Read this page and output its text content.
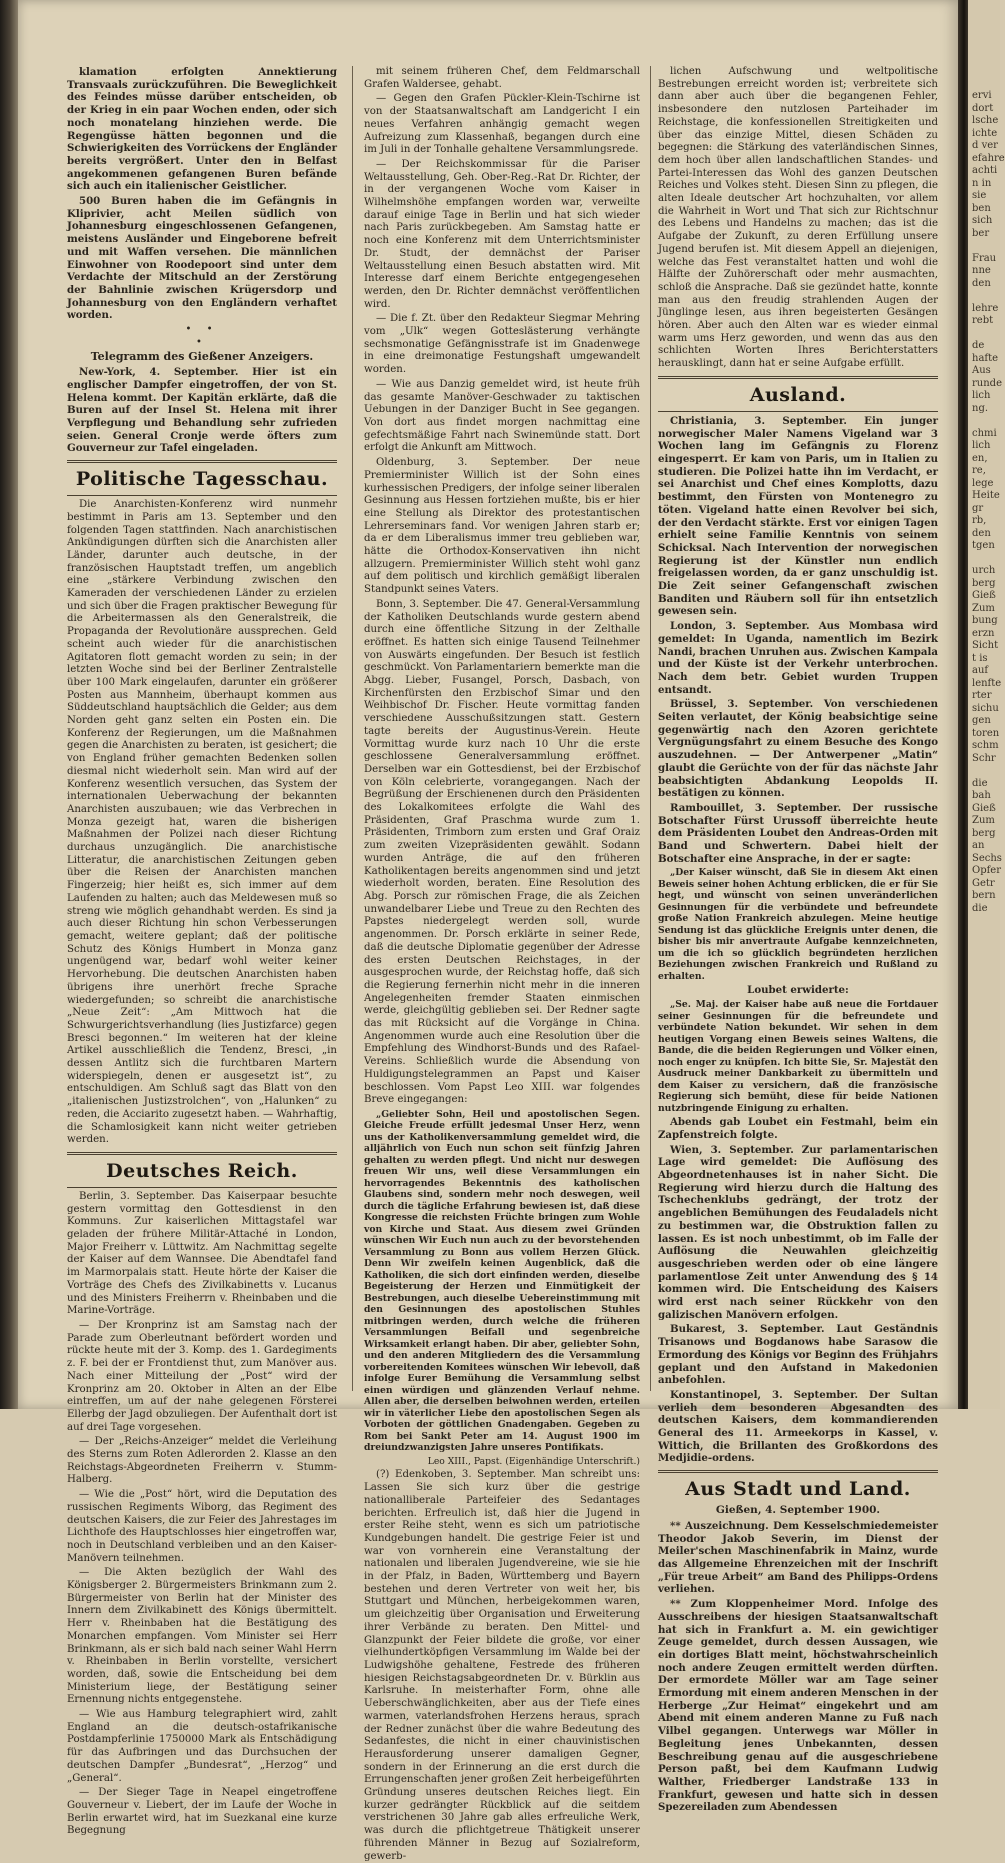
klamation erfolgten Annektierung Transvaals zurückzuführen. Die Beweglichkeit des Feindes müsse darüber entscheiden, ob der Krieg in ein paar Wochen enden, oder sich noch monatelang hinziehen werde. Die Regengüsse hätten begonnen und die Schwierigkeiten des Vorrückens der Engländer bereits vergrößert. Unter den in Belfast angekommenen gefangenen Buren befände sich auch ein italienischer Geistlicher.

500 Buren haben die im Gefängnis in Kliprivier, acht Meilen südlich von Johannesburg eingeschlossenen Gefangenen, meistens Ausländer und Eingeborene befreit und mit Waffen versehen. Die männlichen Einwohner von Roodepoort sind unter dem Verdachte der Mitschuld an der Zerstörung der Bahnlinie zwischen Krügersdorp und Johannesburg von den Engländern verhaftet worden.

• •
•
Telegramm des Gießener Anzeigers.

New-York, 4. September. Hier ist ein englischer Dampfer eingetroffen, der von St. Helena kommt. Der Kapitän erklärte, daß die Buren auf der Insel St. Helena mit ihrer Verpflegung und Behandlung sehr zufrieden seien. General Cronje werde öfters zum Gouverneur zur Tafel eingeladen.

Politische Tagesschau.

Die Anarchisten-Konferenz wird nunmehr bestimmt in Paris am 13. September und den folgenden Tagen stattfinden. Nach anarchistischen Ankündigungen dürften sich die Anarchisten aller Länder, darunter auch deutsche, in der französischen Hauptstadt treffen, um angeblich eine „stärkere Verbindung zwischen den Kameraden der verschiedenen Länder zu erzielen und sich über die Fragen praktischer Bewegung für die Arbeitermassen als den Generalstreik, die Propaganda der Revolutionäre aussprechen. Geld scheint auch wieder für die anarchistischen Agitatoren flott gemacht worden zu sein; in der letzten Woche sind bei der Berliner Zentralstelle über 100 Mark eingelaufen, darunter ein größerer Posten aus Mannheim, überhaupt kommen aus Süddeutschland hauptsächlich die Gelder; aus dem Norden geht ganz selten ein Posten ein. Die Konferenz der Regierungen, um die Maßnahmen gegen die Anarchisten zu beraten, ist gesichert; die von England früher gemachten Bedenken sollen diesmal nicht wiederholt sein. Man wird auf der Konferenz wesentlich versuchen, das System der internationalen Ueberwachung der bekannten Anarchisten auszubauen; wie das Verbrechen in Monza gezeigt hat, waren die bisherigen Maßnahmen der Polizei nach dieser Richtung durchaus unzugänglich. Die anarchistische Litteratur, die anarchistischen Zeitungen geben über die Reisen der Anarchisten manchen Fingerzeig; hier heißt es, sich immer auf dem Laufenden zu halten; auch das Meldewesen muß so streng wie möglich gehandhabt werden. Es sind ja auch dieser Richtung hin schon Verbesserungen gemacht, weitere geplant; daß der politische Schutz des Königs Humbert in Monza ganz ungenügend war, bedarf wohl weiter keiner Hervorhebung. Die deutschen Anarchisten haben übrigens ihre unerhört freche Sprache wiedergefunden; so schreibt die anarchistische „Neue Zeit“: „Am Mittwoch hat die Schwurgerichtsverhandlung (lies Justizfarce) gegen Bresci begonnen.“ Im weiteren hat der kleine Artikel ausschließlich die Tendenz, Bresci, „in dessen Antlitz sich die furchtbaren Martern widerspiegeln, denen er ausgesetzt ist“, zu entschuldigen. Am Schluß sagt das Blatt von den „italienischen Justizstrolchen“, von „Halunken“ zu reden, die Acciarito zugesetzt haben. — Wahrhaftig, die Schamlosigkeit kann nicht weiter getrieben werden.

Deutsches Reich.

Berlin, 3. September. Das Kaiserpaar besuchte gestern vormittag den Gottesdienst in den Kommuns. Zur kaiserlichen Mittagstafel war geladen der frühere Militär-Attaché in London, Major Freiherr v. Lüttwitz. Am Nachmittag segelte der Kaiser auf dem Wannsee. Die Abendtafel fand im Marmorpalais statt. Heute hörte der Kaiser die Vorträge des Chefs des Zivilkabinetts v. Lucanus und des Ministers Freiherrn v. Rheinbaben und die Marine-Vorträge.

— Der Kronprinz ist am Samstag nach der Parade zum Oberleutnant befördert worden und rückte heute mit der 3. Komp. des 1. Gardegiments z. F. bei der er Frontdienst thut, zum Manöver aus. Nach einer Mitteilung der „Post“ wird der Kronprinz am 20. Oktober in Alten an der Elbe eintreffen, um auf der nahe gelegenen Försterei Ellerbg der Jagd obzuliegen. Der Aufenthalt dort ist auf drei Tage vorgesehen.

— Der „Reichs-Anzeiger“ meldet die Verleihung des Sterns zum Roten Adlerorden 2. Klasse an den Reichstags-Abgeordneten Freiherrn v. Stumm-Halberg.

— Wie die „Post“ hört, wird die Deputation des russischen Regiments Wiborg, das Regiment des deutschen Kaisers, die zur Feier des Jahrestages im Lichthofe des Hauptschlosses hier eingetroffen war, noch in Deutschland verbleiben und an den Kaiser-Manövern teilnehmen.

— Die Akten bezüglich der Wahl des Königsberger 2. Bürgermeisters Brinkmann zum 2. Bürgermeister von Berlin hat der Minister des Innern dem Zivilkabinett des Königs übermittelt. Herr v. Rheinbaben hat die Bestätigung des Monarchen empfangen. Vom Minister sei Herr Brinkmann, als er sich bald nach seiner Wahl Herrn v. Rheinbaben in Berlin vorstellte, versichert worden, daß, sowie die Entscheidung bei dem Ministerium liege, der Bestätigung seiner Ernennung nichts entgegenstehe.

— Wie aus Hamburg telegraphiert wird, zahlt England an die deutsch-ostafrikanische Postdampferlinie 1750000 Mark als Entschädigung für das Aufbringen und das Durchsuchen der deutschen Dampfer „Bundesrat“, „Herzog“ und „General“.

— Der Sieger Tage in Neapel eingetroffene Gouverneur v. Liebert, der im Laufe der Woche in Berlin erwartet wird, hat im Suezkanal eine kurze Begegnung

mit seinem früheren Chef, dem Feldmarschall Grafen Waldersee, gehabt.

— Gegen den Grafen Pückler-Klein-Tschirne ist von der Staatsanwaltschaft am Landgericht I ein neues Verfahren anhängig gemacht wegen Aufreizung zum Klassenhaß, begangen durch eine im Juli in der Tonhalle gehaltene Versammlungsrede.

— Der Reichskommissar für die Pariser Weltausstellung, Geh. Ober-Reg.-Rat Dr. Richter, der in der vergangenen Woche vom Kaiser in Wilhelmshöhe empfangen worden war, verweilte darauf einige Tage in Berlin und hat sich wieder nach Paris zurückbegeben. Am Samstag hatte er noch eine Konferenz mit dem Unterrichtsminister Dr. Studt, der demnächst der Pariser Weltausstellung einen Besuch abstatten wird. Mit Interesse darf einem Berichte entgegengesehen werden, den Dr. Richter demnächst veröffentlichen wird.

— Die f. Zt. über den Redakteur Siegmar Mehring vom „Ulk“ wegen Gotteslästerung verhängte sechsmonatige Gefängnisstrafe ist im Gnadenwege in eine dreimonatige Festungshaft umgewandelt worden.

— Wie aus Danzig gemeldet wird, ist heute früh das gesamte Manöver-Geschwader zu taktischen Uebungen in der Danziger Bucht in See gegangen. Von dort aus findet morgen nachmittag eine gefechtsmäßige Fahrt nach Swinemünde statt. Dort erfolgt die Ankunft am Mittwoch.

Oldenburg, 3. September. Der neue Premierminister Willich ist der Sohn eines kurhessischen Predigers, der infolge seiner liberalen Gesinnung aus Hessen fortziehen mußte, bis er hier eine Stellung als Direktor des protestantischen Lehrerseminars fand. Vor wenigen Jahren starb er; da er dem Liberalismus immer treu geblieben war, hätte die Orthodox-Konservativen ihn nicht allzugern. Premierminister Willich steht wohl ganz auf dem politisch und kirchlich gemäßigt liberalen Standpunkt seines Vaters.

Bonn, 3. September. Die 47. General-Versammlung der Katholiken Deutschlands wurde gestern abend durch eine öffentliche Sitzung in der Zelthalle eröffnet. Es hatten sich einige Tausend Teilnehmer von Auswärts eingefunden. Der Besuch ist festlich geschmückt. Von Parlamentariern bemerkte man die Abgg. Lieber, Fusangel, Porsch, Dasbach, von Kirchenfürsten den Erzbischof Simar und den Weihbischof Dr. Fischer. Heute vormittag fanden verschiedene Ausschußsitzungen statt. Gestern tagte bereits der Augustinus-Verein. Heute Vormittag wurde kurz nach 10 Uhr die erste geschlossene Generalversammlung eröffnet. Derselben war ein Gottesdienst, bei der Erzbischof von Köln celebrierte, vorangegangen. Nach der Begrüßung der Erschienenen durch den Präsidenten des Lokalkomitees erfolgte die Wahl des Präsidenten, Graf Praschma wurde zum 1. Präsidenten, Trimborn zum ersten und Graf Oraiz zum zweiten Vizepräsidenten gewählt. Sodann wurden Anträge, die auf den früheren Katholikentagen bereits angenommen sind und jetzt wiederholt worden, beraten. Eine Resolution des Abg. Porsch zur römischen Frage, die als Zeichen unwandelbarer Liebe und Treue zu den Rechten des Papstes niedergelegt werden soll, wurde angenommen. Dr. Porsch erklärte in seiner Rede, daß die deutsche Diplomatie gegenüber der Adresse des ersten Deutschen Reichstages, in der ausgesprochen wurde, der Reichstag hoffe, daß sich die Regierung fernerhin nicht mehr in die inneren Angelegenheiten fremder Staaten einmischen werde, gleichgültig geblieben sei. Der Redner sagte das mit Rücksicht auf die Vorgänge in China. Angenommen wurde auch eine Resolution über die Empfehlung des Windhorst-Bunds und des Rafael-Vereins. Schließlich wurde die Absendung von Huldigungstelegrammen an Papst und Kaiser beschlossen. Vom Papst Leo XIII. war folgendes Breve eingegangen:

„Geliebter Sohn, Heil und apostolischen Segen. Gleiche Freude erfüllt jedesmal Unser Herz, wenn uns der Katholikenversammlung gemeldet wird, die alljährlich von Euch nun schon seit fünfzig Jahren gehalten zu werden pflegt. Und nicht nur deswegen freuen Wir uns, weil diese Versammlungen ein hervorragendes Bekenntnis des katholischen Glaubens sind, sondern mehr noch deswegen, weil durch die tägliche Erfahrung bewiesen ist, daß diese Kongresse die reichsten Früchte bringen zum Wohle von Kirche und Staat. Aus diesem zwei Gründen wünschen Wir Euch nun auch zu der bevorstehenden Versammlung zu Bonn aus vollem Herzen Glück. Denn Wir zweifeln keinen Augenblick, daß die Katholiken, die sich dort einfinden werden, dieselbe Begeisterung der Herzen und Einmütigkeit der Bestrebungen, auch dieselbe Uebereinstimmung mit den Gesinnungen des apostolischen Stuhles mitbringen werden, durch welche die früheren Versammlungen Beifall und segenbreiche Wirksamkeit erlangt haben. Dir aber, geliebter Sohn, und den anderen Mitgliedern des die Versammlung vorbereitenden Komitees wünschen Wir lebevoll, daß infolge Eurer Bemühung die Versammlung selbst einen würdigen und glänzenden Verlauf nehme. Allen aber, die derselben beiwohnen werden, erteilen wir in väterlicher Liebe den apostolischen Segen als Vorboten der göttlichen Gnadengaben. Gegeben zu Rom bei Sankt Peter am 14. August 1900 im dreiundzwanzigsten Jahre unseres Pontifikats.

Leo XIII., Papst. (Eigenhändige Unterschrift.)

(?) Edenkoben, 3. September. Man schreibt uns: Lassen Sie sich kurz über die gestrige nationalliberale Parteifeier des Sedantages berichten. Erfreulich ist, daß hier die Jugend in erster Reihe steht, wenn es sich um patriotische Kundgebungen handelt. Die gestrige Feier ist und war von vornherein eine Veranstaltung der nationalen und liberalen Jugendvereine, wie sie hie in der Pfalz, in Baden, Württemberg und Bayern bestehen und deren Vertreter von weit her, bis Stuttgart und München, herbeigekommen waren, um gleichzeitig über Organisation und Erweiterung ihrer Verbände zu beraten. Den Mittel- und Glanzpunkt der Feier bildete die große, vor einer vielhundertköpfigen Versammlung im Walde bei der Ludwigshöhe gehaltene, Festrede des früheren hiesigen Reichstagsabgeordneten Dr. v. Bürklin aus Karlsruhe. In meisterhafter Form, ohne alle Ueberschwänglichkeiten, aber aus der Tiefe eines warmen, vaterlandsfrohen Herzens heraus, sprach der Redner zunächst über die wahre Bedeutung des Sedanfestes, die nicht in einer chauvinistischen Herausforderung unserer damaligen Gegner, sondern in der Erinnerung an die erst durch die Errungenschaften jener großen Zeit herbeigeführten Gründung unseres deutschen Reiches liegt. Ein kurzer gedrängter Rückblick auf die seitdem verstrichenen 30 Jahre gab alles erfreuliche Werk, was durch die pflichtgetreue Thätigkeit unserer führenden Männer in Bezug auf Sozialreform, gewerb-

lichen Aufschwung und weltpolitische Bestrebungen erreicht worden ist; verbreitete sich dann aber auch über die begangenen Fehler, insbesondere den nutzlosen Parteihader im Reichstage, die konfessionellen Streitigkeiten und über das einzige Mittel, diesen Schäden zu begegnen: die Stärkung des vaterländischen Sinnes, dem hoch über allen landschaftlichen Standes- und Partei-Interessen das Wohl des ganzen Deutschen Reiches und Volkes steht. Diesen Sinn zu pflegen, die alten Ideale deutscher Art hochzuhalten, vor allem die Wahrheit in Wort und That sich zur Richtschnur des Lebens und Handelns zu machen; das ist die Aufgabe der Zukunft, zu deren Erfüllung unsere Jugend berufen ist. Mit diesem Appell an diejenigen, welche das Fest veranstaltet hatten und wohl die Hälfte der Zuhörerschaft oder mehr ausmachten, schloß die Ansprache. Daß sie gezündet hatte, konnte man aus den freudig strahlenden Augen der Jünglinge lesen, aus ihren begeisterten Gesängen hören. Aber auch den Alten war es wieder einmal warm ums Herz geworden, und wenn das aus den schlichten Worten Ihres Berichterstatters herausklingt, dann hat er seine Aufgabe erfüllt.

Ausland.

Christiania, 3. September. Ein junger norwegischer Maler Namens Vigeland war 3 Wochen lang im Gefängnis zu Florenz eingesperrt. Er kam von Paris, um in Italien zu studieren. Die Polizei hatte ihn im Verdacht, er sei Anarchist und Chef eines Komplotts, dazu bestimmt, den Fürsten von Montenegro zu töten. Vigeland hatte einen Revolver bei sich, der den Verdacht stärkte. Erst vor einigen Tagen erhielt seine Familie Kenntnis von seinem Schicksal. Nach Intervention der norwegischen Regierung ist der Künstler nun endlich freigelassen worden, da er ganz unschuldig ist. Die Zeit seiner Gefangenschaft zwischen Banditen und Räubern soll für ihn entsetzlich gewesen sein.

London, 3. September. Aus Mombasa wird gemeldet: In Uganda, namentlich im Bezirk Nandi, brachen Unruhen aus. Zwischen Kampala und der Küste ist der Verkehr unterbrochen. Nach dem betr. Gebiet wurden Truppen entsandt.

Brüssel, 3. September. Von verschiedenen Seiten verlautet, der König beabsichtige seine gegenwärtig nach den Azoren gerichtete Vergnügungsfahrt zu einem Besuche des Kongo auszudehnen. — Der Antwerpener „Matin“ glaubt die Gerüchte von der für das nächste Jahr beabsichtigten Abdankung Leopolds II. bestätigen zu können.

Rambouillet, 3. September. Der russische Botschafter Fürst Urussoff überreichte heute dem Präsidenten Loubet den Andreas-Orden mit Band und Schwertern. Dabei hielt der Botschafter eine Ansprache, in der er sagte:

„Der Kaiser wünscht, daß Sie in diesem Akt einen Beweis seiner hohen Achtung erblicken, die er für Sie hegt, und wünscht von seinen unveränderlichen Gesinnungen für die verbündete und befreundete große Nation Frankreich abzulegen. Meine heutige Sendung ist das glückliche Ereignis unter denen, die bisher bis mir anvertraute Aufgabe kennzeichneten, um die ich so glücklich begründeten herzlichen Beziehungen zwischen Frankreich und Rußland zu erhalten.

Loubet erwiderte:

„Se. Maj. der Kaiser habe auß neue die Fortdauer seiner Gesinnungen für die befreundete und verbündete Nation bekundet. Wir sehen in dem heutigen Vorgang einen Beweis seines Waltens, die Bande, die die beiden Regierungen und Völker einen, noch enger zu knüpfen. Ich bitte Sie, Sr. Majestät den Ausdruck meiner Dankbarkeit zu übermitteln und dem Kaiser zu versichern, daß die französische Regierung sich bemüht, diese für beide Nationen nutzbringende Einigung zu erhalten.

Abends gab Loubet ein Festmahl, beim ein Zapfenstreich folgte.

Wien, 3. September. Zur parlamentarischen Lage wird gemeldet: Die Auflösung des Abgeordnetenhauses ist in naher Sicht. Die Regierung wird hierzu durch die Haltung des Tschechenklubs gedrängt, der trotz der angeblichen Bemühungen des Feudaladels nicht zu bestimmen war, die Obstruktion fallen zu lassen. Es ist noch unbestimmt, ob im Falle der Auflösung die Neuwahlen gleichzeitig ausgeschrieben werden oder ob eine längere parlamentlose Zeit unter Anwendung des § 14 kommen wird. Die Entscheidung des Kaisers wird erst nach seiner Rückkehr von den galizischen Manövern erfolgen.

Bukarest, 3. September. Laut Geständnis Trisanows und Bogdanows habe Sarasow die Ermordung des Königs vor Beginn des Frühjahrs geplant und den Aufstand in Makedonien anbefohlen.

Konstantinopel, 3. September. Der Sultan verlieh dem besonderen Abgesandten des deutschen Kaisers, dem kommandierenden General des 11. Armeekorps in Kassel, v. Wittich, die Brillanten des Großkordons des Medjidie-ordens.

Aus Stadt und Land.
Gießen, 4. September 1900.

** Auszeichnung. Dem Kesselschmiedemeister Theodor Jakob Severin, im Dienst der Meiler'schen Maschinenfabrik in Mainz, wurde das Allgemeine Ehrenzeichen mit der Inschrift „Für treue Arbeit“ am Band des Philipps-Ordens verliehen.

** Zum Kloppenheimer Mord. Infolge des Ausschreibens der hiesigen Staatsanwaltschaft hat sich in Frankfurt a. M. ein gewichtiger Zeuge gemeldet, durch dessen Aussagen, wie ein dortiges Blatt meint, höchstwahrscheinlich noch andere Zeugen ermittelt werden dürften. Der ermordete Möller war am Tage seiner Ermordung mit einem anderen Menschen in der Herberge „Zur Heimat“ eingekehrt und am Abend mit einem anderen Manne zu Fuß nach Vilbel gegangen. Unterwegs war Möller in Begleitung jenes Unbekannten, dessen Beschreibung genau auf die ausgeschriebene Person paßt, bei dem Kaufmann Ludwig Walther, Friedberger Landstraße 133 in Frankfurt, gewesen und hatte sich in dessen Spezereiladen zum Abendessen

ervi
dort
lsche
ichte
d ver
efahre
achti
n in
sie
ben
sich
ber

Frau
nne
den

lehre
rebt

de
hafte
Aus
runde
lich
ng.

chmi
lich
en,
re,
lege
Heite
gr
rb,
den
tgen

urch
berg
Gieß
Zum
bung
erzn
Sicht
t is
auf
lenfte
rter
sichu
gen
toren
schm
Schr

die
bah
Gieß
Zum
berg
an
Sechs
Opfer
Getr
bern
die
